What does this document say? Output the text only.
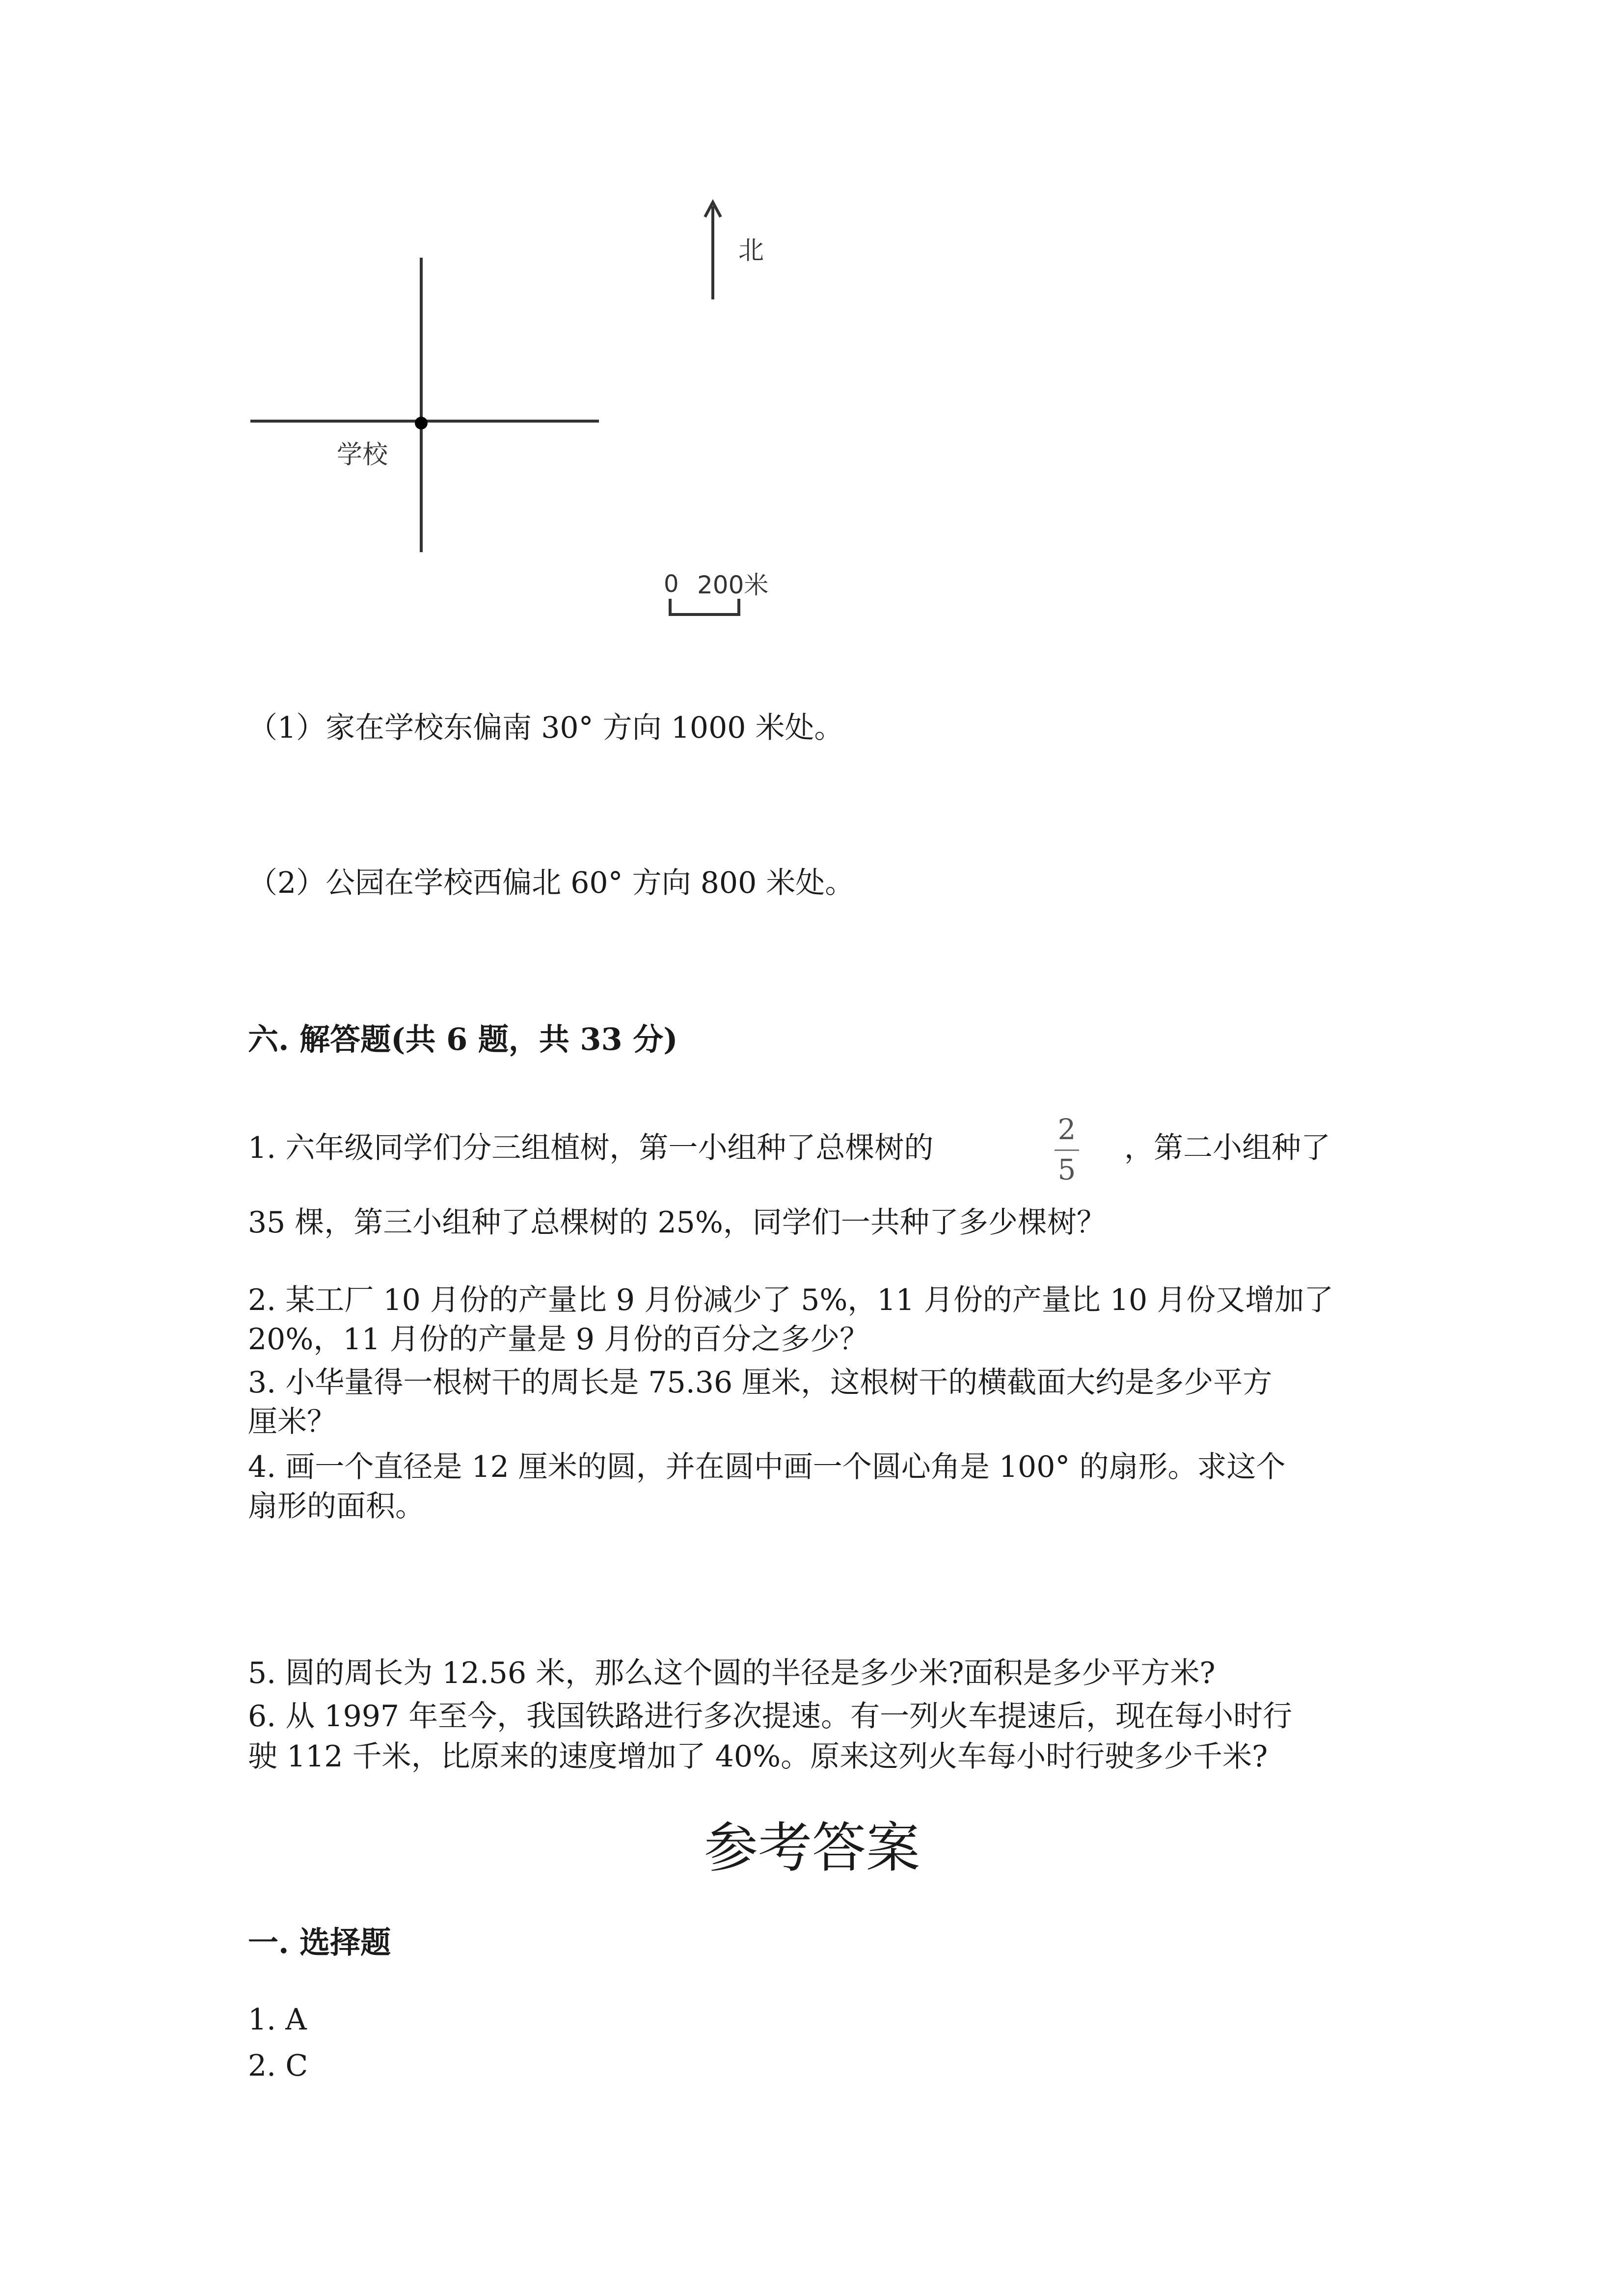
北
学校
0 200米
（1）家在学校东偏南 30° 方向 1000 米处。
（2）公园在学校西偏北 60° 方向 800 米处。
六. 解答题(共 6 题，共 33 分)
1. 六年级同学们分三组植树，第一小组种了总棵树的
2
5
，第二小组种了
35 棵，第三小组种了总棵树的 25%，同学们一共种了多少棵树？
2. 某工厂 10 月份的产量比 9 月份减少了 5%，11 月份的产量比 10 月份又增加了
20%，11 月份的产量是 9 月份的百分之多少？
3. 小华量得一根树干的周长是 75.36 厘米，这根树干的横截面大约是多少平方
厘米？
4. 画一个直径是 12 厘米的圆，并在圆中画一个圆心角是 100° 的扇形。求这个
扇形的面积。
5. 圆的周长为 12.56 米，那么这个圆的半径是多少米?面积是多少平方米?
6. 从 1997 年至今，我国铁路进行多次提速。有一列火车提速后，现在每小时行
驶 112 千米，比原来的速度增加了 40%。原来这列火车每小时行驶多少千米?
参考答案
一. 选择题
1. A
2. C
